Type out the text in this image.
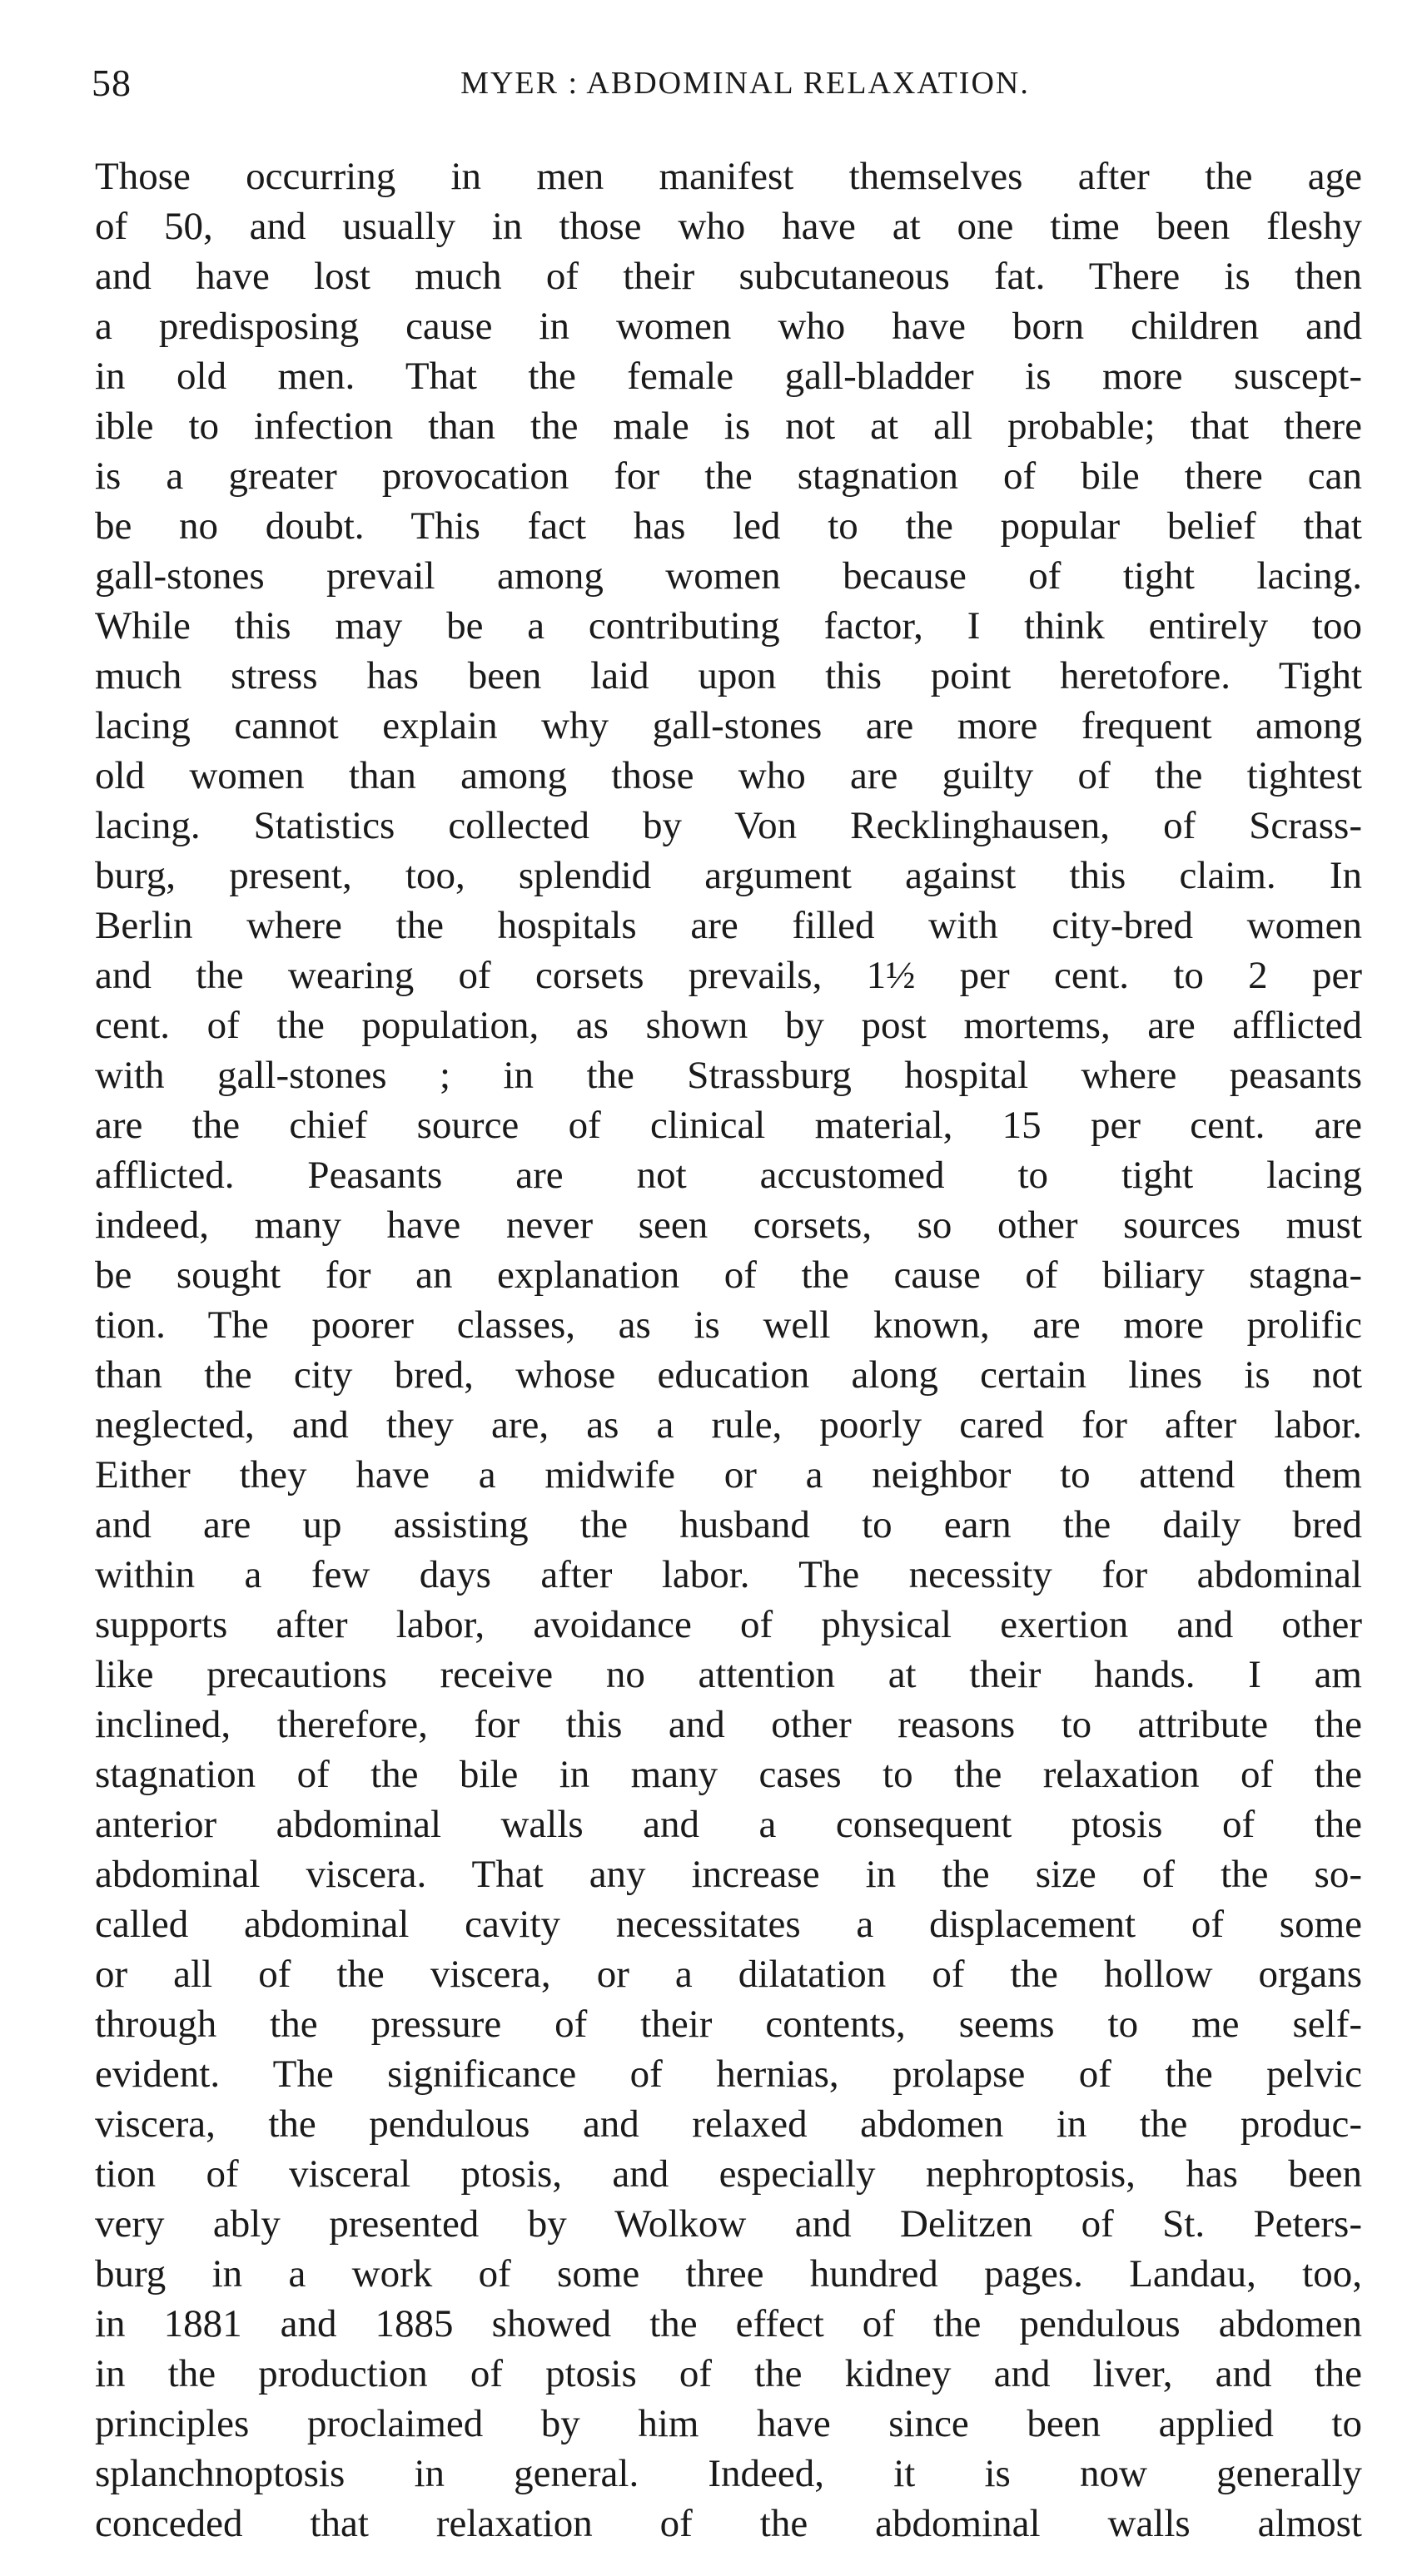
58	MYER : ABDOMINAL RELAXATION.
Those occurring in men manifest themselves after the age
of 50, and usually in those who have at one time been fleshy
and have lost much of their subcutaneous fat. There is then
a predisposing cause in women who have born children and
in old men. That the female gall-bladder is more suscept-
ible to infection than the male is not at all probable; that there
is a greater provocation for the stagnation of bile there can
be no doubt. This fact has led to the popular belief that
gall-stones prevail among women because of tight lacing.
While this may be a contributing factor, I think entirely too
much stress has been laid upon this point heretofore. Tight
lacing cannot explain why gall-stones are more frequent among
old women than among those who are guilty of the tightest
lacing. Statistics collected by Von Recklinghausen, of Scrass-
burg, present, too, splendid argument against this claim. In
Berlin where the hospitals are filled with city-bred women
and the wearing of corsets prevails, 1½ per cent. to 2 per
cent. of the population, as shown by post mortems, are afflicted
with gall-stones ; in the Strassburg hospital where peasants
are the chief source of clinical material, 15 per cent. are
afflicted. Peasants are not accustomed to tight lacing
indeed, many have never seen corsets, so other sources must
be sought for an explanation of the cause of biliary stagna-
tion. The poorer classes, as is well known, are more prolific
than the city bred, whose education along certain lines is not
neglected, and they are, as a rule, poorly cared for after labor.
Either they have a midwife or a neighbor to attend them
and are up assisting the husband to earn the daily bred
within a few days after labor. The necessity for abdominal
supports after labor, avoidance of physical exertion and other
like precautions receive no attention at their hands. I am
inclined, therefore, for this and other reasons to attribute the
stagnation of the bile in many cases to the relaxation of the
anterior abdominal walls and a consequent ptosis of the
abdominal viscera. That any increase in the size of the so-
called abdominal cavity necessitates a displacement of some
or all of the viscera, or a dilatation of the hollow organs
through the pressure of their contents, seems to me self-
evident. The significance of hernias, prolapse of the pelvic
viscera, the pendulous and relaxed abdomen in the produc-
tion of visceral ptosis, and especially nephroptosis, has been
very ably presented by Wolkow and Delitzen of St. Peters-
burg in a work of some three hundred pages. Landau, too,
in 1881 and 1885 showed the effect of the pendulous abdomen
in the production of ptosis of the kidney and liver, and the
principles proclaimed by him have since been applied to
splanchnoptosis in general. Indeed, it is now generally
conceded that relaxation of the abdominal walls almost
